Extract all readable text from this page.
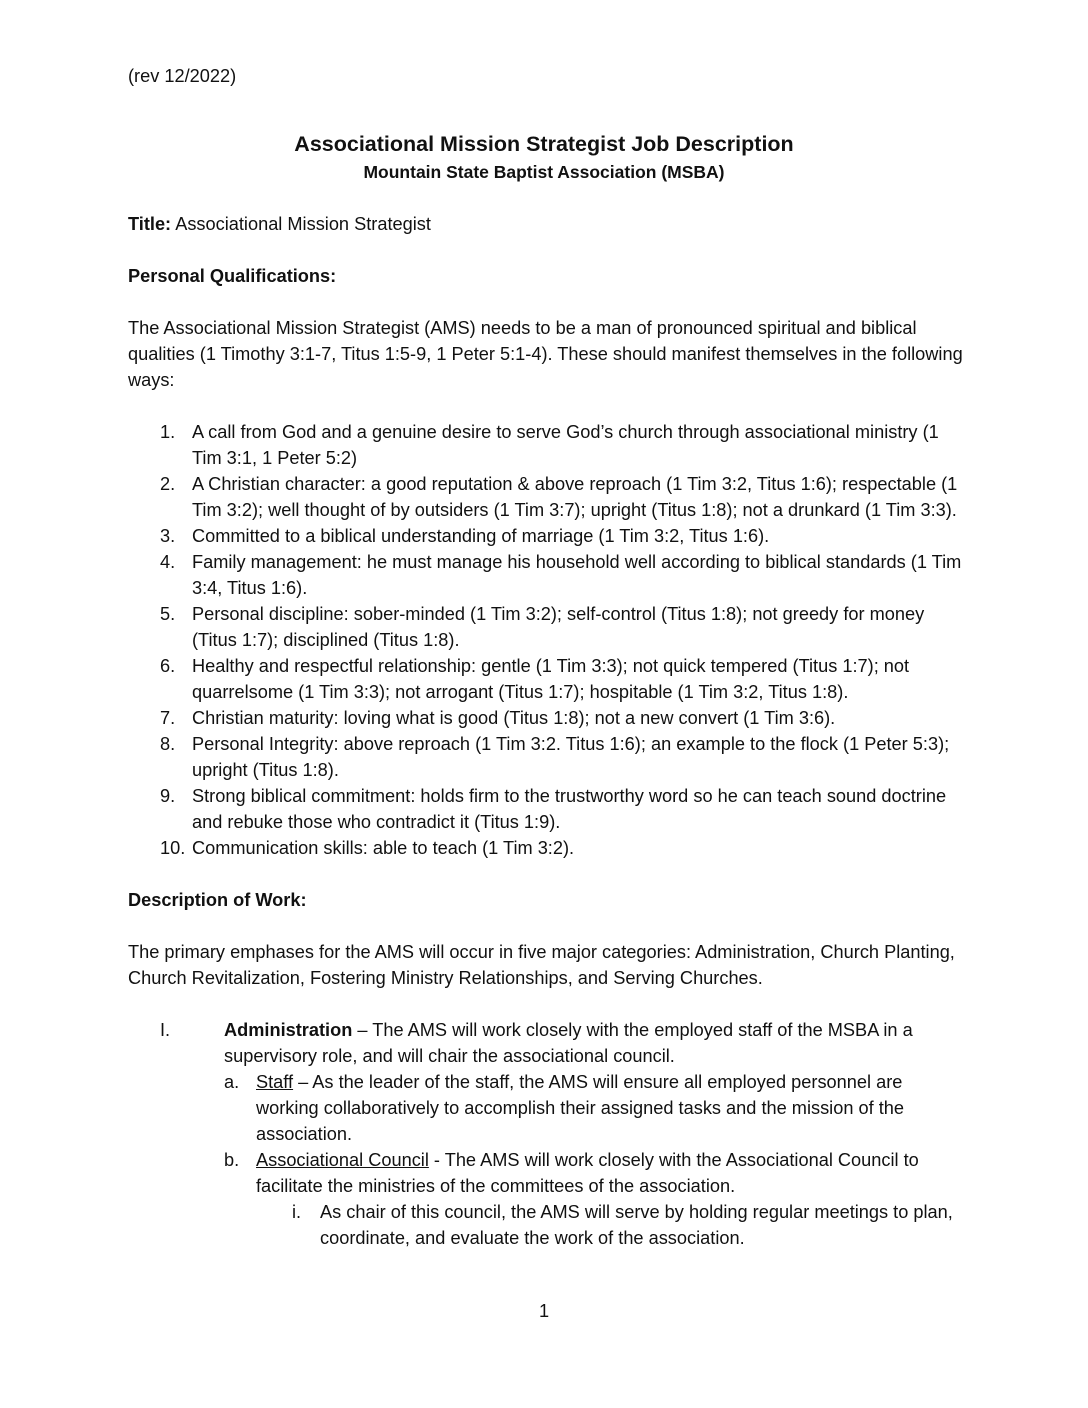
(rev 12/2022)
Associational Mission Strategist Job Description
Mountain State Baptist Association (MSBA)

Title: Associational Mission Strategist

Personal Qualifications:

The Associational Mission Strategist (AMS) needs to be a man of pronounced spiritual and biblical qualities (1 Timothy 3:1-7, Titus 1:5-9, 1 Peter 5:1-4). These should manifest themselves in the following ways:

1. A call from God and a genuine desire to serve God’s church through associational ministry (1 Tim 3:1, 1 Peter 5:2)
2. A Christian character: a good reputation & above reproach (1 Tim 3:2, Titus 1:6); respectable (1 Tim 3:2); well thought of by outsiders (1 Tim 3:7); upright (Titus 1:8); not a drunkard (1 Tim 3:3).
3. Committed to a biblical understanding of marriage (1 Tim 3:2, Titus 1:6).
4. Family management: he must manage his household well according to biblical standards (1 Tim 3:4, Titus 1:6).
5. Personal discipline: sober-minded (1 Tim 3:2); self-control (Titus 1:8); not greedy for money (Titus 1:7); disciplined (Titus 1:8).
6. Healthy and respectful relationship: gentle (1 Tim 3:3); not quick tempered (Titus 1:7); not quarrelsome (1 Tim 3:3); not arrogant (Titus 1:7); hospitable (1 Tim 3:2, Titus 1:8).
7. Christian maturity: loving what is good (Titus 1:8); not a new convert (1 Tim 3:6).
8. Personal Integrity: above reproach (1 Tim 3:2. Titus 1:6); an example to the flock (1 Peter 5:3); upright (Titus 1:8).
9. Strong biblical commitment: holds firm to the trustworthy word so he can teach sound doctrine and rebuke those who contradict it (Titus 1:9).
10. Communication skills: able to teach (1 Tim 3:2).

Description of Work:

The primary emphases for the AMS will occur in five major categories: Administration, Church Planting, Church Revitalization, Fostering Ministry Relationships, and Serving Churches.

I.	Administration – The AMS will work closely with the employed staff of the MSBA in a supervisory role, and will chair the associational council.
a. Staff – As the leader of the staff, the AMS will ensure all employed personnel are working collaboratively to accomplish their assigned tasks and the mission of the association.
b. Associational Council - The AMS will work closely with the Associational Council to facilitate the ministries of the committees of the association.
i. As chair of this council, the AMS will serve by holding regular meetings to plan, coordinate, and evaluate the work of the association.
1
